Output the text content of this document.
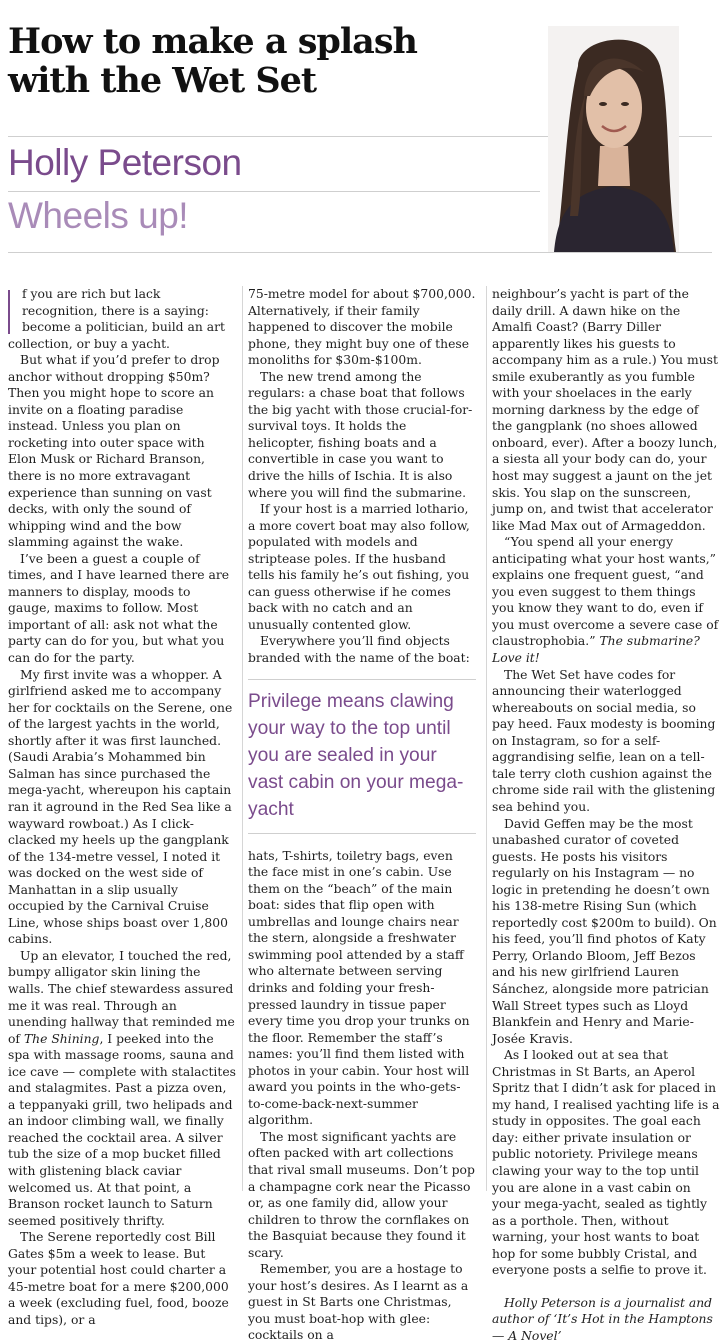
How to make a splash
with the Wet Set
Holly Peterson
Wheels up!

f you are rich but lack recognition, there is a saying: become a politician, build an art collection, or buy a yacht.

But what if you’d prefer to drop anchor without dropping $50m? Then you might hope to score an invite on a floating paradise instead. Unless you plan on rocketing into outer space with Elon Musk or Richard Branson, there is no more extravagant experience than sunning on vast decks, with only the sound of whipping wind and the bow slamming against the wake.

I’ve been a guest a couple of times, and I have learned there are manners to display, moods to gauge, maxims to follow. Most important of all: ask not what the party can do for you, but what you can do for the party.

My first invite was a whopper. A girlfriend asked me to accompany her for cocktails on the Serene, one of the largest yachts in the world, shortly after it was first launched. (Saudi Arabia’s Mohammed bin Salman has since purchased the mega-yacht, whereupon his captain ran it aground in the Red Sea like a wayward rowboat.) As I click-clacked my heels up the gangplank of the 134-metre vessel, I noted it was docked on the west side of Manhattan in a slip usually occupied by the Carnival Cruise Line, whose ships boast over 1,800 cabins.

Up an elevator, I touched the red, bumpy alligator skin lining the walls. The chief stewardess assured me it was real. Through an unending hallway that reminded me of The Shining, I peeked into the spa with massage rooms, sauna and ice cave — complete with stalactites and stalagmites. Past a pizza oven, a teppanyaki grill, two helipads and an indoor climbing wall, we finally reached the cocktail area. A silver tub the size of a mop bucket filled with glistening black caviar welcomed us. At that point, a Branson rocket launch to Saturn seemed positively thrifty.

The Serene reportedly cost Bill Gates $5m a week to lease. But your potential host could charter a 45-metre boat for a mere $200,000 a week (excluding fuel, food, booze and tips), or a

75-metre model for about $700,000. Alternatively, if their family happened to discover the mobile phone, they might buy one of these monoliths for $30m-$100m.

The new trend among the regulars: a chase boat that follows the big yacht with those crucial-for-survival toys. It holds the helicopter, fishing boats and a convertible in case you want to drive the hills of Ischia. It is also where you will find the submarine.

If your host is a married lothario, a more covert boat may also follow, populated with models and striptease poles. If the husband tells his family he’s out fishing, you can guess otherwise if he comes back with no catch and an unusually contented glow.

Everywhere you’ll find objects branded with the name of the boat:

Privilege means clawing your way to the top until you are sealed in your vast cabin on your mega-yacht

hats, T-shirts, toiletry bags, even the face mist in one’s cabin. Use them on the “beach” of the main boat: sides that flip open with umbrellas and lounge chairs near the stern, alongside a freshwater swimming pool attended by a staff who alternate between serving drinks and folding your fresh-pressed laundry in tissue paper every time you drop your trunks on the floor. Remember the staff’s names: you’ll find them listed with photos in your cabin. Your host will award you points in the who-gets-to-come-back-next-summer algorithm.

The most significant yachts are often packed with art collections that rival small museums. Don’t pop a champagne cork near the Picasso or, as one family did, allow your children to throw the cornflakes on the Basquiat because they found it scary.

Remember, you are a hostage to your host’s desires. As I learnt as a guest in St Barts one Christmas, you must boat-hop with glee: cocktails on a

neighbour’s yacht is part of the daily drill. A dawn hike on the Amalfi Coast? (Barry Diller apparently likes his guests to accompany him as a rule.) You must smile exuberantly as you fumble with your shoelaces in the early morning darkness by the edge of the gangplank (no shoes allowed onboard, ever). After a boozy lunch, a siesta all your body can do, your host may suggest a jaunt on the jet skis. You slap on the sunscreen, jump on, and twist that accelerator like Mad Max out of Armageddon.

“You spend all your energy anticipating what your host wants,” explains one frequent guest, “and you even suggest to them things you know they want to do, even if you must overcome a severe case of claustrophobia.” The submarine? Love it!

The Wet Set have codes for announcing their waterlogged whereabouts on social media, so pay heed. Faux modesty is booming on Instagram, so for a self-aggrandising selfie, lean on a tell-tale terry cloth cushion against the chrome side rail with the glistening sea behind you.

David Geffen may be the most unabashed curator of coveted guests. He posts his visitors regularly on his Instagram — no logic in pretending he doesn’t own his 138-metre Rising Sun (which reportedly cost $200m to build). On his feed, you’ll find photos of Katy Perry, Orlando Bloom, Jeff Bezos and his new girlfriend Lauren Sánchez, alongside more patrician Wall Street types such as Lloyd Blankfein and Henry and Marie-Josée Kravis.

As I looked out at sea that Christmas in St Barts, an Aperol Spritz that I didn’t ask for placed in my hand, I realised yachting life is a study in opposites. The goal each day: either private insulation or public notoriety. Privilege means clawing your way to the top until you are alone in a vast cabin on your mega-yacht, sealed as tightly as a porthole. Then, without warning, your host wants to boat hop for some bubbly Cristal, and everyone posts a selfie to prove it.

Holly Peterson is a journalist and author of ‘It’s Hot in the Hamptons — A Novel’
